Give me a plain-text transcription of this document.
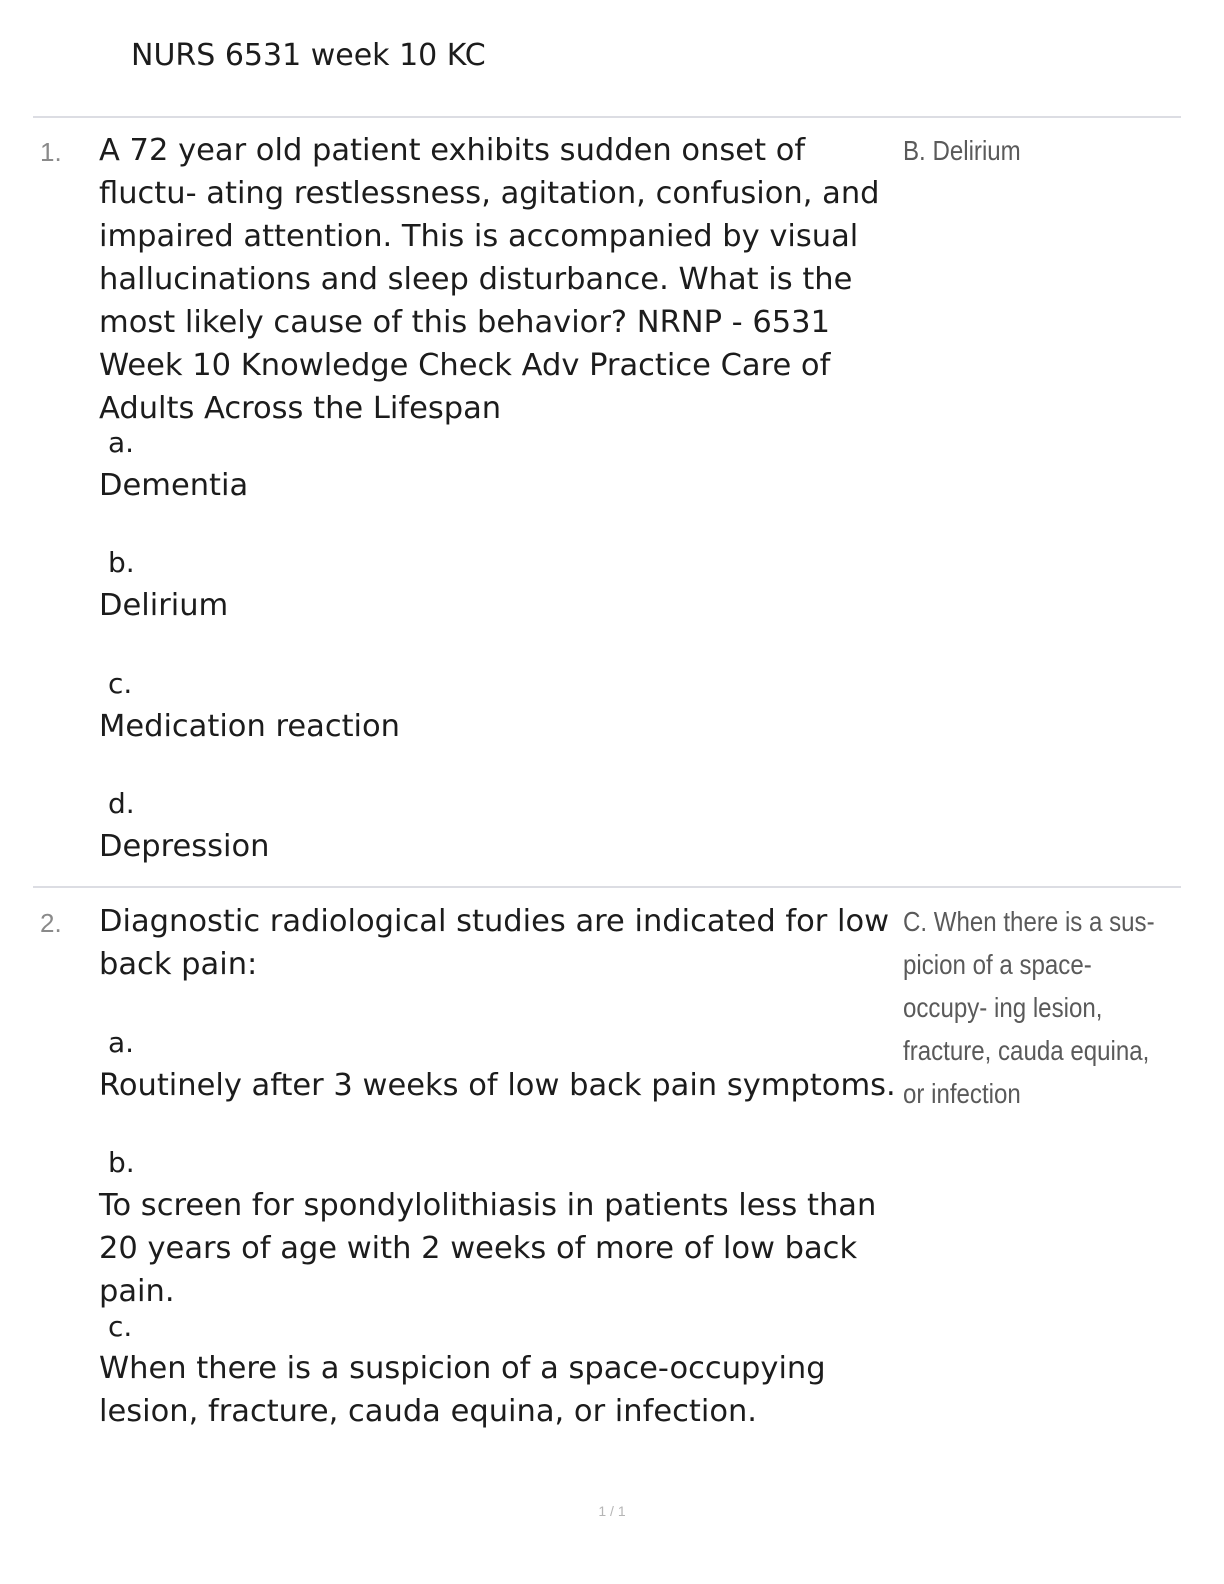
NURS 6531 week 10 KC
1. A 72 year old patient exhibits sudden onset of fluctu- ating restlessness, agitation, confusion, and impaired attention. This is accompanied by visual hallucinations and sleep disturbance. What is the most likely cause of this behavior? NRNP - 6531 Week 10 Knowledge Check Adv Practice Care of Adults Across the Lifespan
B. Delirium
a.
Dementia
b.
Delirium
c.
Medication reaction
d.
Depression
2. Diagnostic radiological studies are indicated for low back pain:
C. When there is a sus- picion of a space-occupy- ing lesion, fracture, cauda equina, or infection
a.
Routinely after 3 weeks of low back pain symptoms.
b.
To screen for spondylolithiasis in patients less than 20 years of age with 2 weeks of more of low back pain.
c.
When there is a suspicion of a space-occupying lesion, fracture, cauda equina, or infection.
1 / 1
